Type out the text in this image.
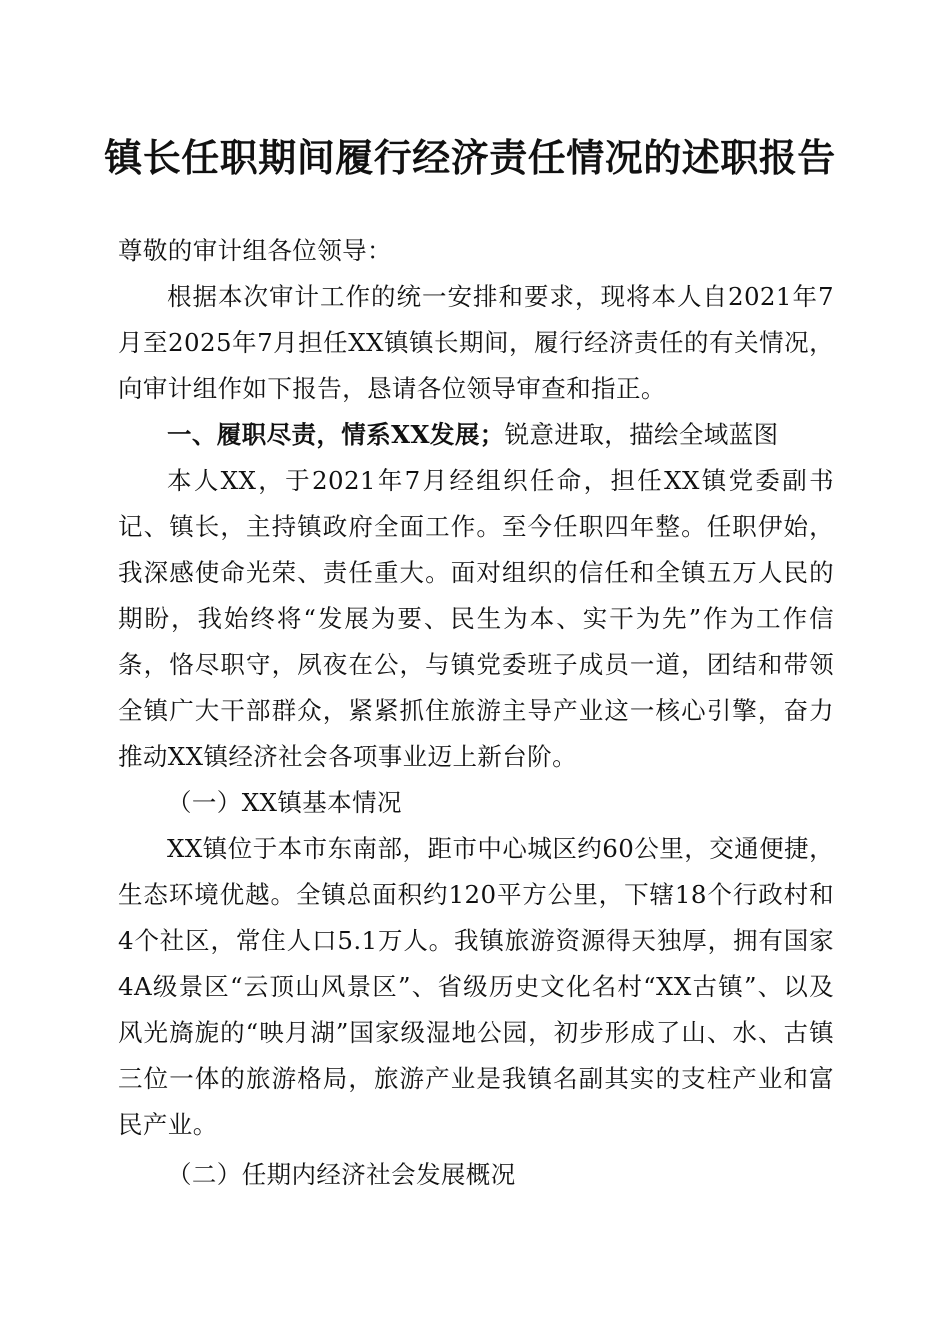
镇长任职期间履行经济责任情况的述职报告

尊敬的审计组各位领导：

根据本次审计工作的统一安排和要求，现将本人自2021年7月至2025年7月担任XX镇镇长期间，履行经济责任的有关情况，向审计组作如下报告，恳请各位领导审查和指正。

一、履职尽责，情系XX发展；锐意进取，描绘全域蓝图

本人XX，于2021年7月经组织任命，担任XX镇党委副书记、镇长，主持镇政府全面工作。至今任职四年整。任职伊始，我深感使命光荣、责任重大。面对组织的信任和全镇五万人民的期盼，我始终将“发展为要、民生为本、实干为先”作为工作信条，恪尽职守，夙夜在公，与镇党委班子成员一道，团结和带领全镇广大干部群众，紧紧抓住旅游主导产业这一核心引擎，奋力推动XX镇经济社会各项事业迈上新台阶。

（一）XX镇基本情况

XX镇位于本市东南部，距市中心城区约60公里，交通便捷，生态环境优越。全镇总面积约120平方公里，下辖18个行政村和4个社区，常住人口5.1万人。我镇旅游资源得天独厚，拥有国家4A级景区“云顶山风景区”、省级历史文化名村“XX古镇”、以及风光旖旎的“映月湖”国家级湿地公园，初步形成了山、水、古镇三位一体的旅游格局，旅游产业是我镇名副其实的支柱产业和富民产业。

（二）任期内经济社会发展概况
